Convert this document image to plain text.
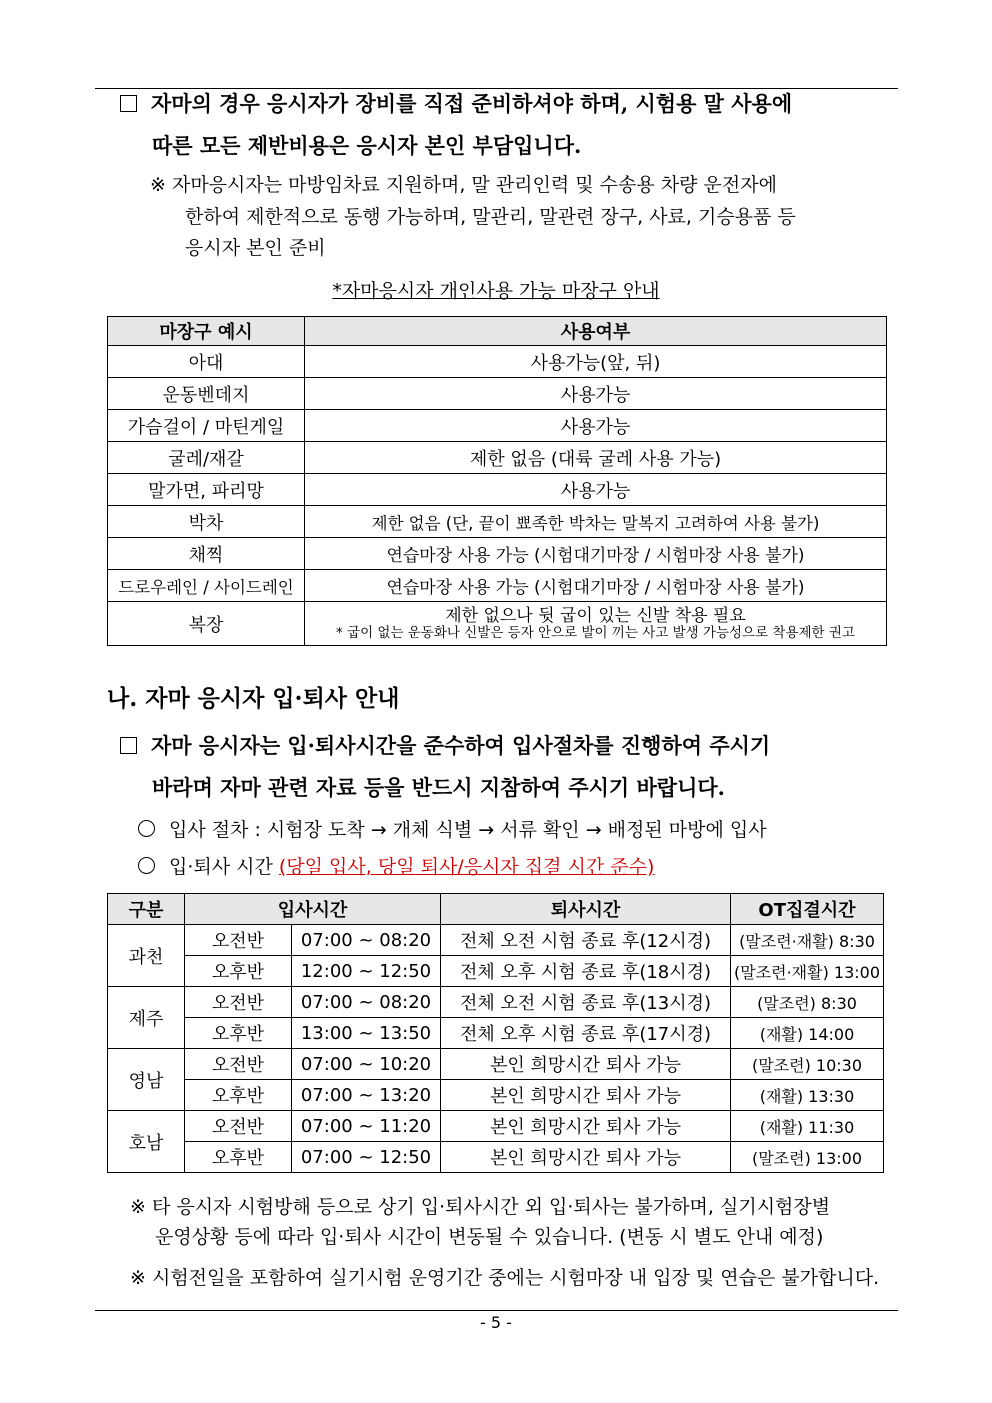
자마의 경우 응시자가 장비를 직접 준비하셔야 하며, 시험용 말 사용에
따른 모든 제반비용은 응시자 본인 부담입니다.
※ 자마응시자는 마방임차료 지원하며, 말 관리인력 및 수송용 차량 운전자에
한하여 제한적으로 동행 가능하며, 말관리, 말관련 장구, 사료, 기승용품 등
응시자 본인 준비
*자마응시자 개인사용 가능 마장구 안내
마장구 예시	사용여부
아대	사용가능(앞, 뒤)
운동벤데지	사용가능
가슴걸이 / 마틴게일	사용가능
굴레/재갈	제한 없음 (대륙 굴레 사용 가능)
말가면, 파리망	사용가능
박차	제한 없음 (단, 끝이 뾰족한 박차는 말복지 고려하여 사용 불가)
채찍	연습마장 사용 가능 (시험대기마장 / 시험마장 사용 불가)
드로우레인 / 사이드레인	연습마장 사용 가능 (시험대기마장 / 시험마장 사용 불가)
복장	제한 없으나 뒷 굽이 있는 신발 착용 필요
* 굽이 없는 운동화나 신발은 등자 안으로 발이 끼는 사고 발생 가능성으로 착용제한 권고
나. 자마 응시자 입·퇴사 안내
자마 응시자는 입·퇴사시간을 준수하여 입사절차를 진행하여 주시기
바라며 자마 관련 자료 등을 반드시 지참하여 주시기 바랍니다.
입사 절차 : 시험장 도착 → 개체 식별 → 서류 확인 → 배정된 마방에 입사
입·퇴사 시간 (당일 입사, 당일 퇴사/응시자 집결 시간 준수)
구분	입사시간		퇴사시간	OT집결시간
과천	오전반	07:00 ~ 08:20	전체 오전 시험 종료 후(12시경)	(말조련·재활) 8:30
	오후반	12:00 ~ 12:50	전체 오후 시험 종료 후(18시경)	(말조련·재활) 13:00
제주	오전반	07:00 ~ 08:20	전체 오전 시험 종료 후(13시경)	(말조련) 8:30
	오후반	13:00 ~ 13:50	전체 오후 시험 종료 후(17시경)	(재활) 14:00
영남	오전반	07:00 ~ 10:20	본인 희망시간 퇴사 가능	(말조련) 10:30
	오후반	07:00 ~ 13:20	본인 희망시간 퇴사 가능	(재활) 13:30
호남	오전반	07:00 ~ 11:20	본인 희망시간 퇴사 가능	(재활) 11:30
	오후반	07:00 ~ 12:50	본인 희망시간 퇴사 가능	(말조련) 13:00
※ 타 응시자 시험방해 등으로 상기 입·퇴사시간 외 입·퇴사는 불가하며, 실기시험장별
운영상황 등에 따라 입·퇴사 시간이 변동될 수 있습니다. (변동 시 별도 안내 예정)
※ 시험전일을 포함하여 실기시험 운영기간 중에는 시험마장 내 입장 및 연습은 불가합니다.
- 5 -
